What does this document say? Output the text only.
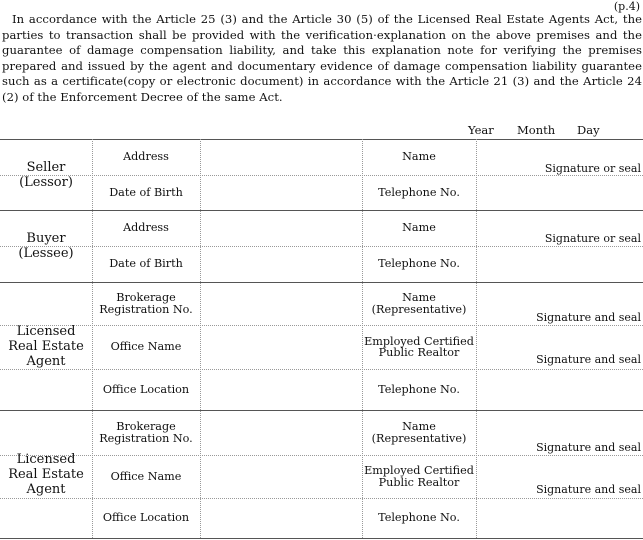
(p.4)
In accordance with the Article 25 (3) and the Article 30 (5) of the Licensed Real Estate Agents Act, the parties to transaction shall be provided with the verification·explanation on the above premises and the guarantee of damage compensation liability, and take this explanation note for verifying the premises prepared and issued by the agent and documentary evidence of damage compensation liability guarantee such as a certificate(copy or electronic document) in accordance with the Article 21 (3) and the Article 24 (2) of the Enforcement Decree of the same Act.
Year Month Day
Seller (Lessor)
Address
Date of Birth
Name
Telephone No.
Signature or seal
Buyer (Lessee)
Address
Date of Birth
Name
Telephone No.
Signature or seal
Licensed Real Estate Agent
Brokerage Registration No.
Office Name
Office Location
Name (Representative)
Employed Certified Public Realtor
Telephone No.
Signature and seal
Signature and seal
Licensed Real Estate Agent
Brokerage Registration No.
Office Name
Office Location
Name (Representative)
Employed Certified Public Realtor
Telephone No.
Signature and seal
Signature and seal
